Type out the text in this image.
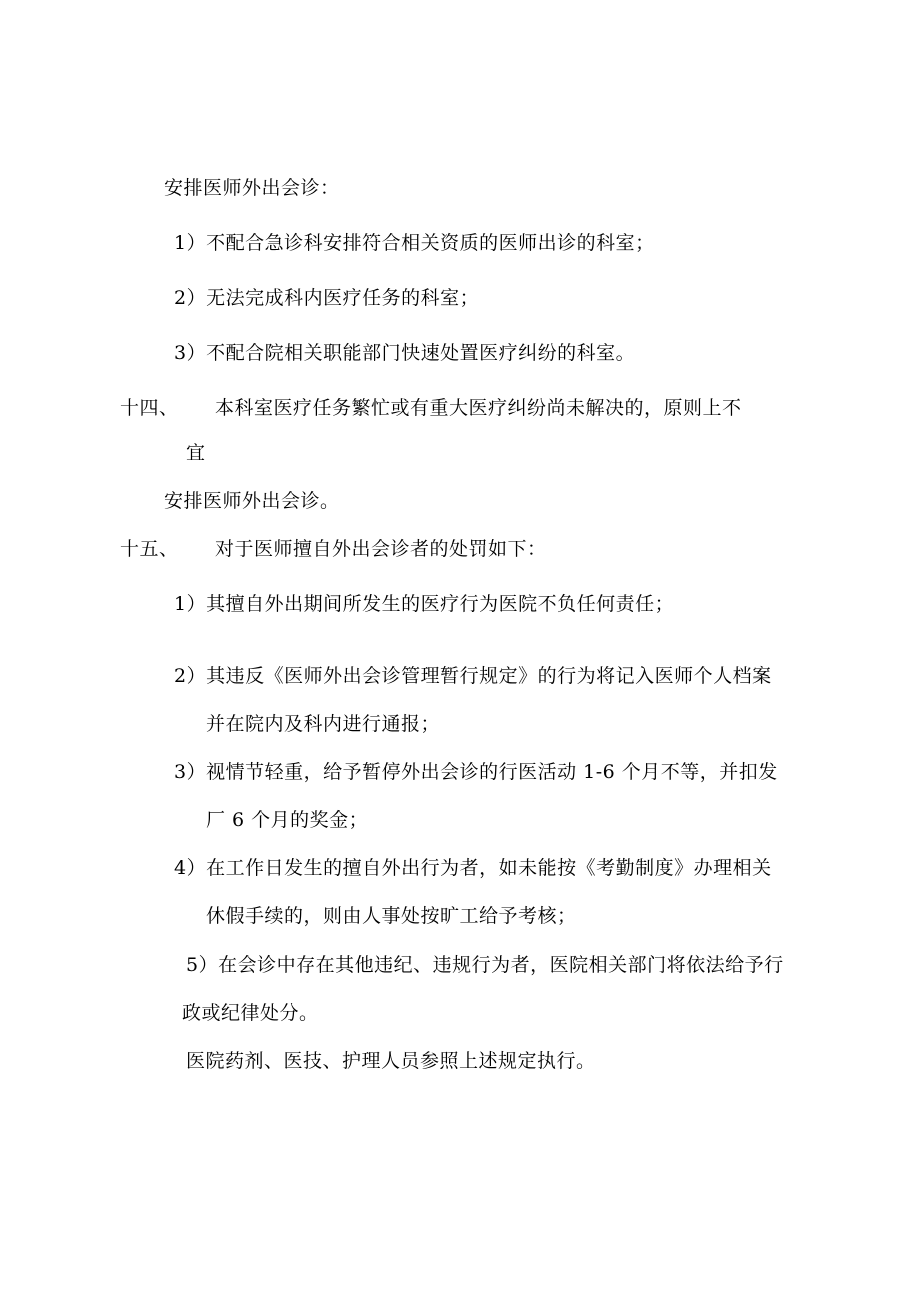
安排医师外出会诊：
1）不配合急诊科安排符合相关资质的医师出诊的科室；
2）无法完成科内医疗任务的科室；
3）不配合院相关职能部门快速处置医疗纠纷的科室。
十四、 本科室医疗任务繁忙或有重大医疗纠纷尚未解决的，原则上不
宜
安排医师外出会诊。
十五、 对于医师擅自外出会诊者的处罚如下：
1）其擅自外出期间所发生的医疗行为医院不负任何责任；
2）其违反《医师外出会诊管理暂行规定》的行为将记入医师个人档案
并在院内及科内进行通报；
3）视情节轻重，给予暂停外出会诊的行医活动 1-6 个月不等，并扣发
厂 6 个月的奖金；
4）在工作日发生的擅自外出行为者，如未能按《考勤制度》办理相关
休假手续的，则由人事处按旷工给予考核；
5）在会诊中存在其他违纪、违规行为者，医院相关部门将依法给予行
政或纪律处分。
医院药剂、医技、护理人员参照上述规定执行。
